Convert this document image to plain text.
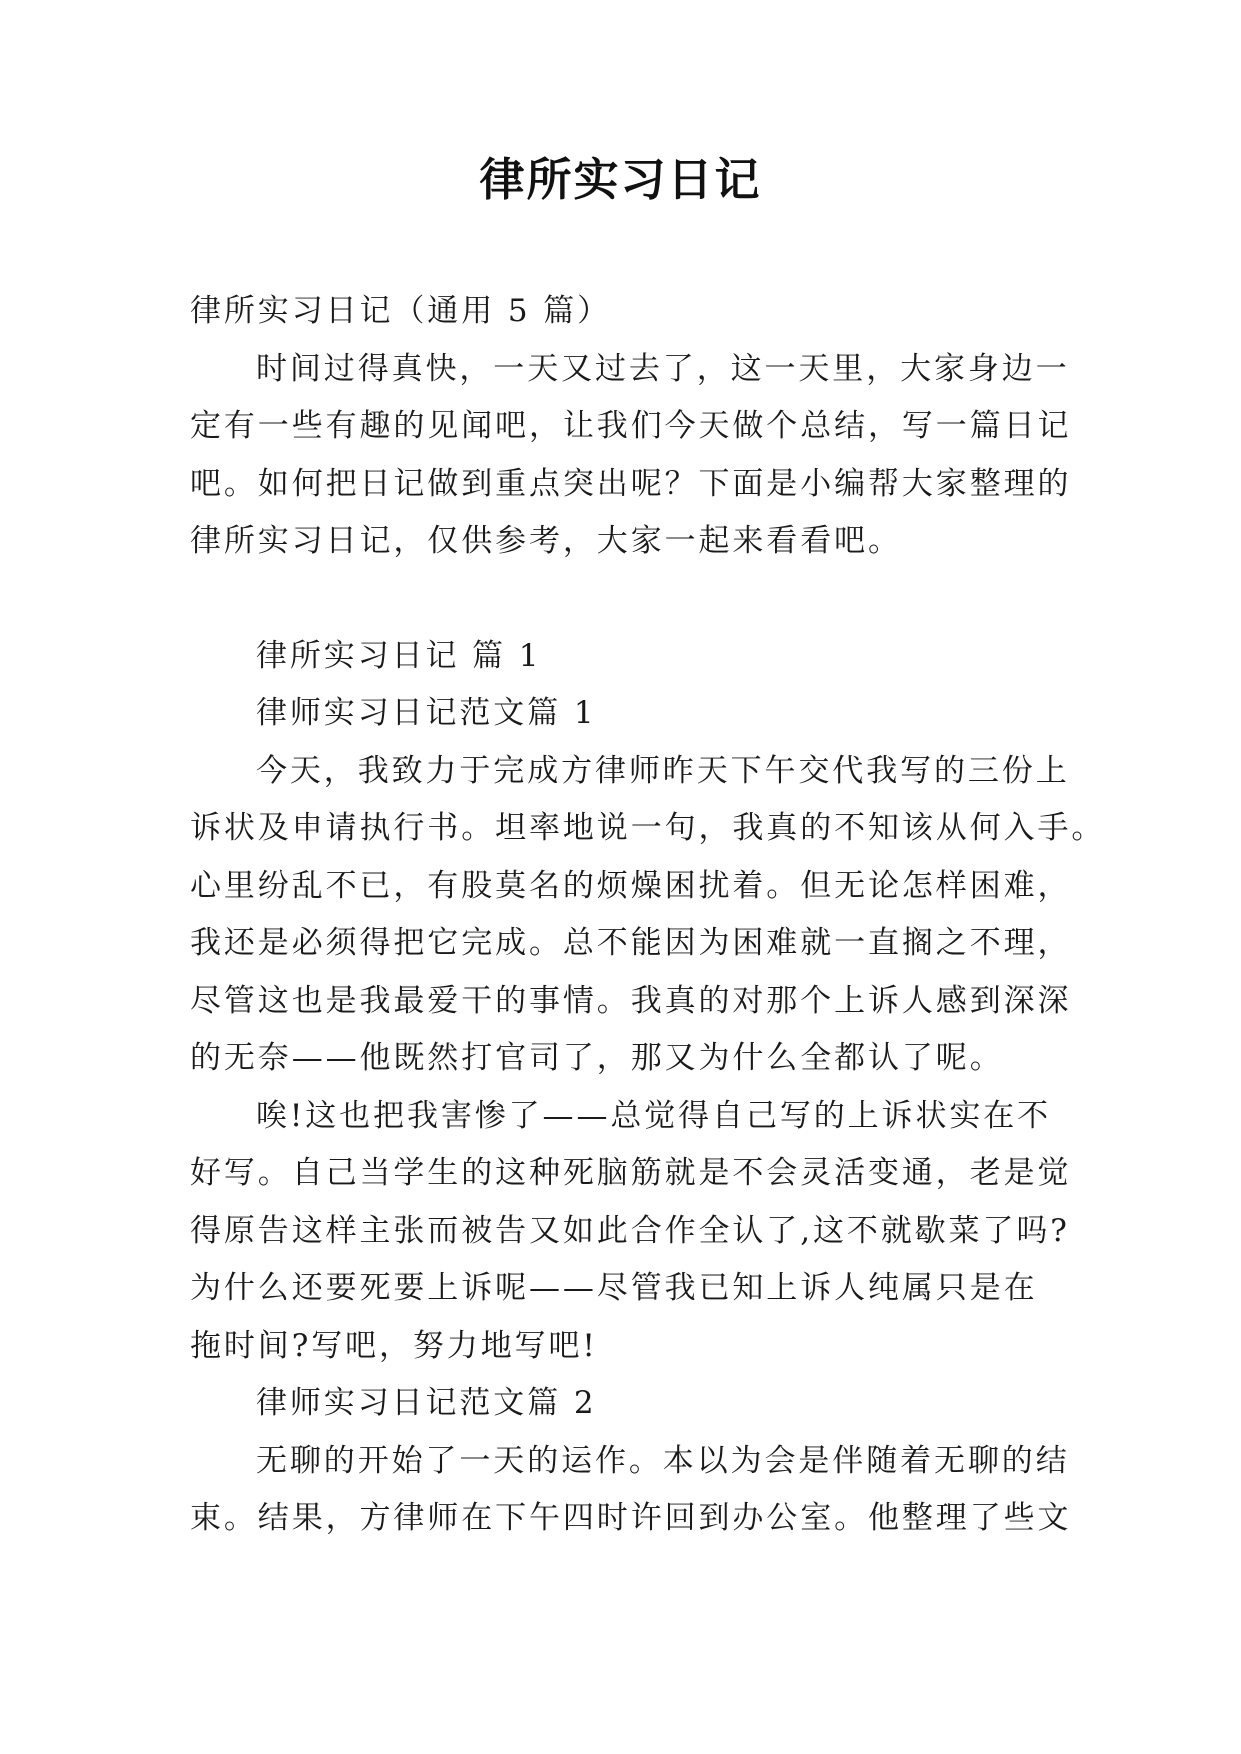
律所实习日记
律所实习日记（通用 5 篇）
时间过得真快，一天又过去了，这一天里，大家身边一
定有一些有趣的见闻吧，让我们今天做个总结，写一篇日记
吧。如何把日记做到重点突出呢？下面是小编帮大家整理的
律所实习日记，仅供参考，大家一起来看看吧。
律所实习日记 篇 1
律师实习日记范文篇 1
今天，我致力于完成方律师昨天下午交代我写的三份上
诉状及申请执行书。坦率地说一句，我真的不知该从何入手。
心里纷乱不已，有股莫名的烦燥困扰着。但无论怎样困难，
我还是必须得把它完成。总不能因为困难就一直搁之不理，
尽管这也是我最爱干的事情。我真的对那个上诉人感到深深
的无奈——他既然打官司了，那又为什么全都认了呢。
唉!这也把我害惨了——总觉得自己写的上诉状实在不
好写。自己当学生的这种死脑筋就是不会灵活变通，老是觉
得原告这样主张而被告又如此合作全认了,这不就歇菜了吗?
为什么还要死要上诉呢——尽管我已知上诉人纯属只是在
拖时间?写吧，努力地写吧!
律师实习日记范文篇 2
无聊的开始了一天的运作。本以为会是伴随着无聊的结
束。结果，方律师在下午四时许回到办公室。他整理了些文
